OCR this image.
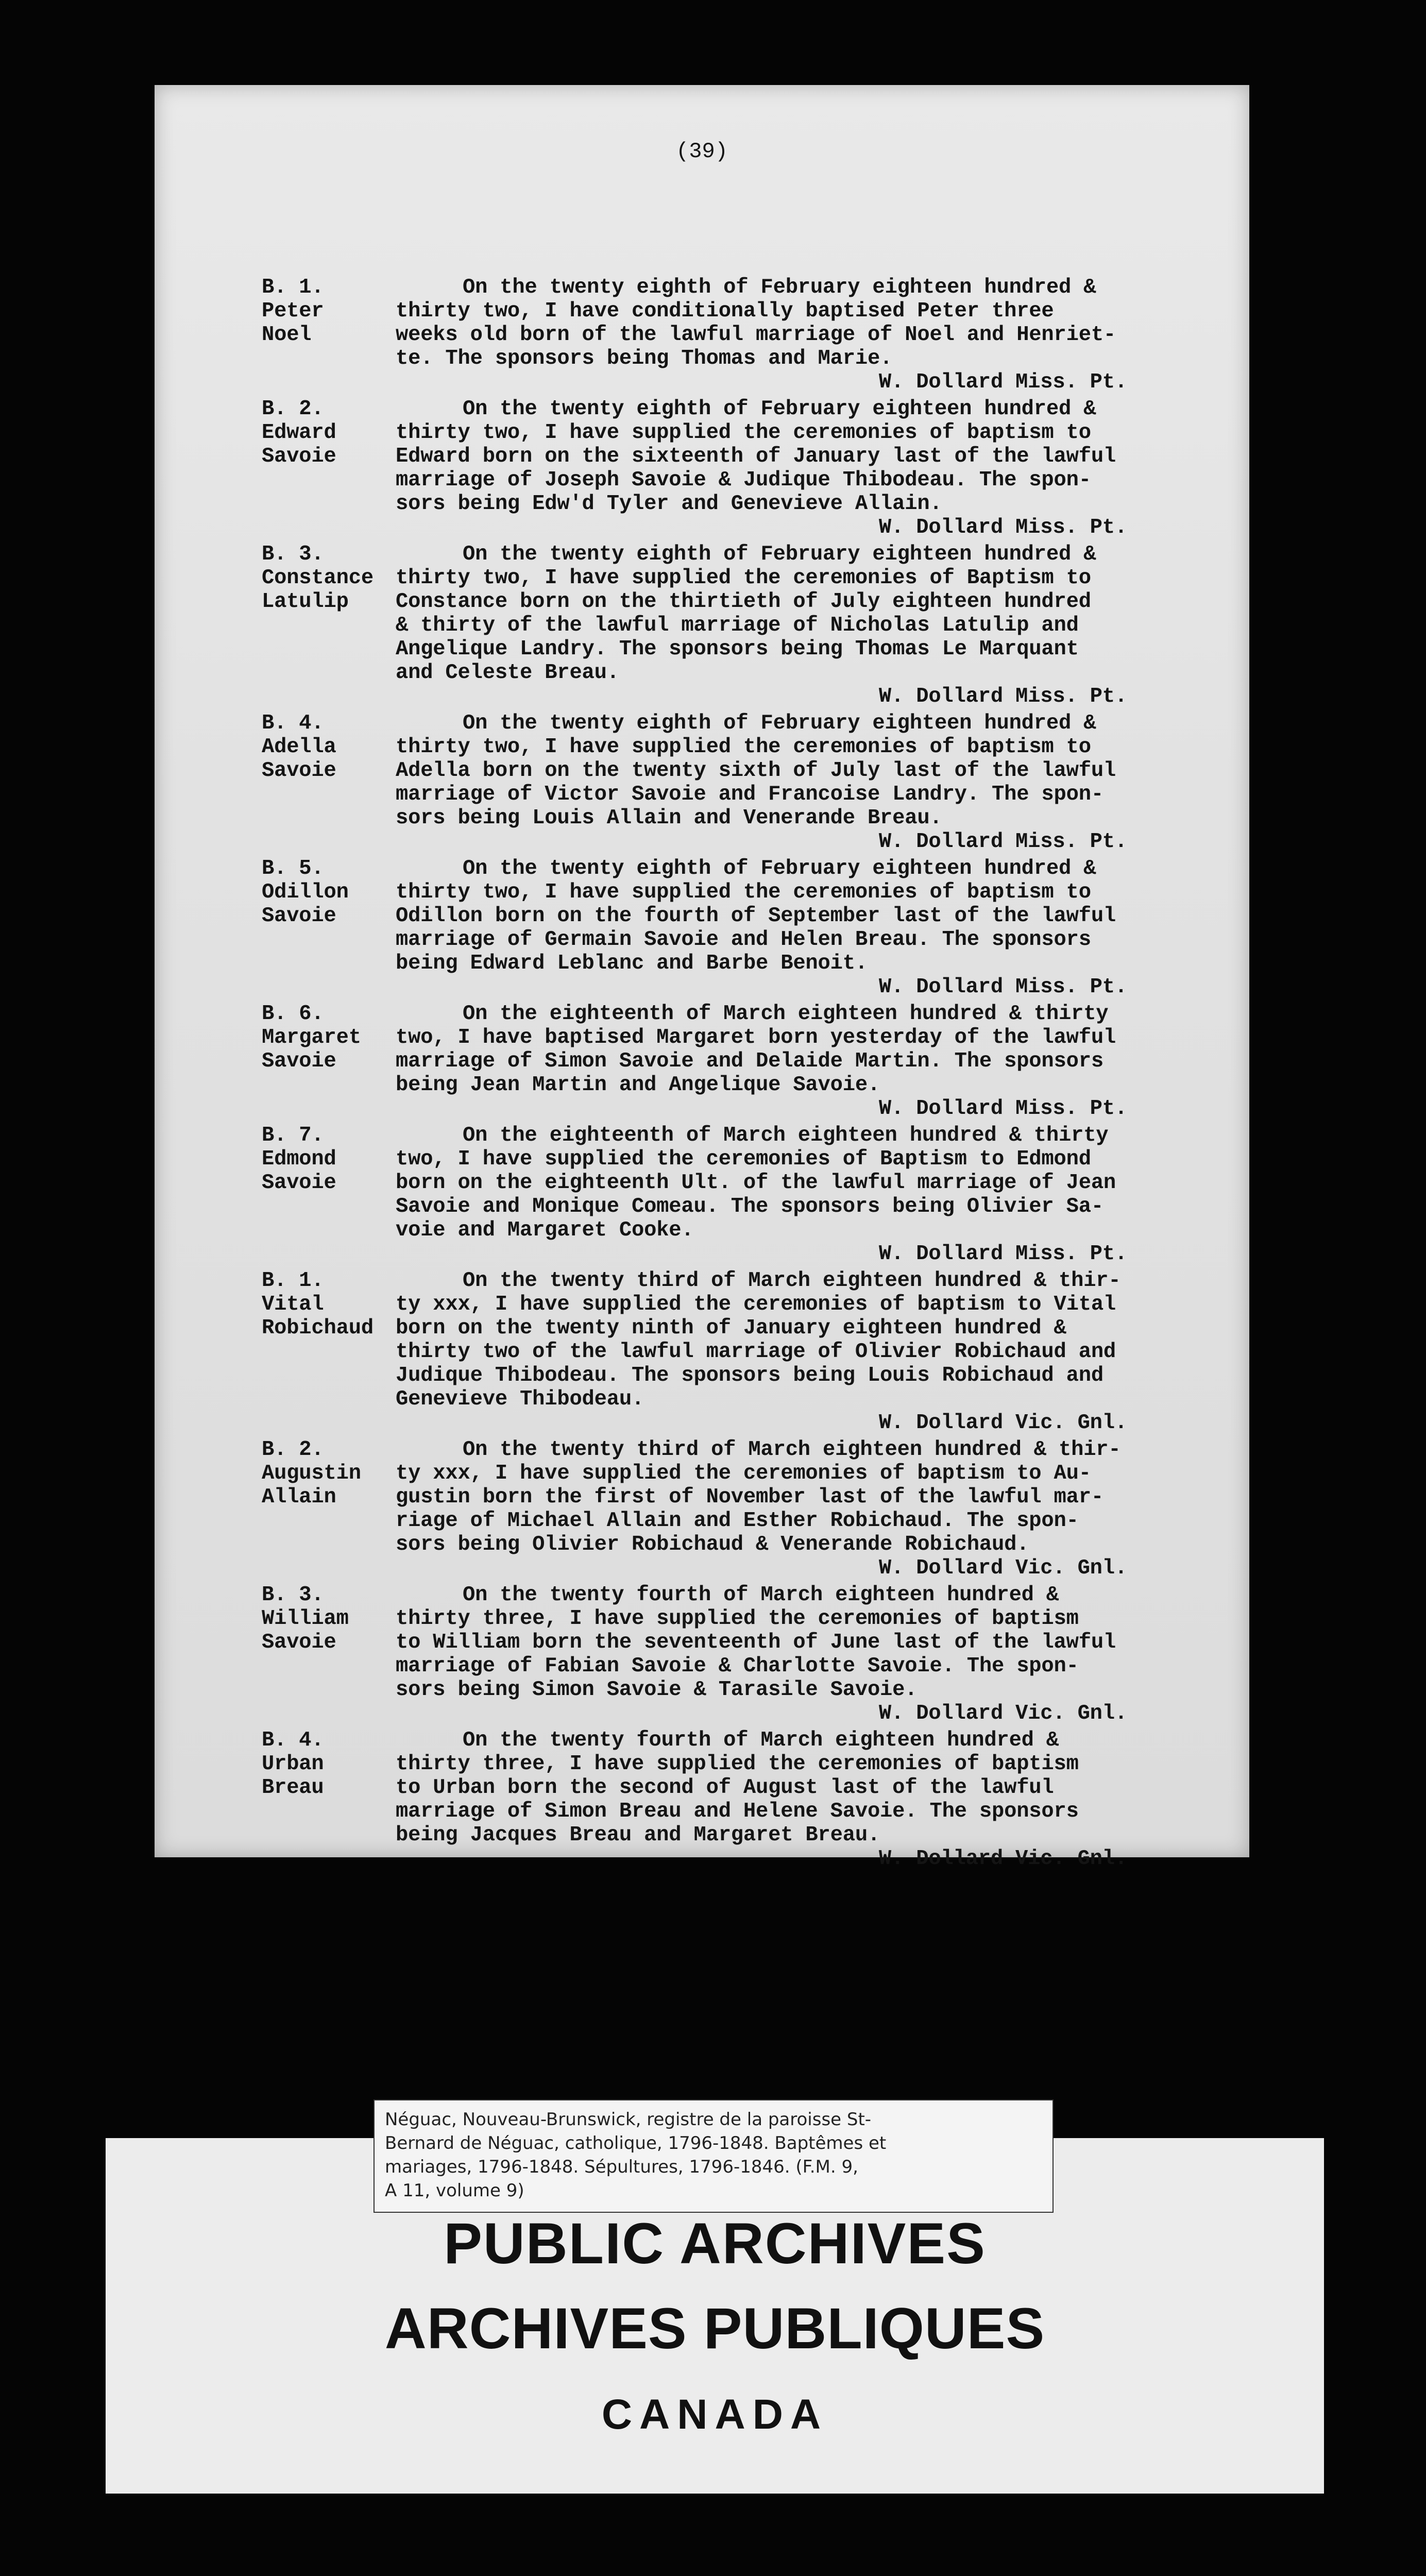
(39)
B. 1.
Peter
Noel
On the twenty eighth of February eighteen hundred &
thirty two, I have conditionally baptised Peter three
weeks old born of the lawful marriage of Noel and Henriet-
te. The sponsors being Thomas and Marie.
W. Dollard Miss. Pt.
B. 2.
Edward
Savoie
On the twenty eighth of February eighteen hundred &
thirty two, I have supplied the ceremonies of baptism to
Edward born on the sixteenth of January last of the lawful
marriage of Joseph Savoie & Judique Thibodeau. The spon-
sors being Edw'd Tyler and Genevieve Allain.
W. Dollard Miss. Pt.
B. 3.
Constance
Latulip
On the twenty eighth of February eighteen hundred &
thirty two, I have supplied the ceremonies of Baptism to
Constance born on the thirtieth of July eighteen hundred
& thirty of the lawful marriage of Nicholas Latulip and
Angelique Landry. The sponsors being Thomas Le Marquant
and Celeste Breau.
W. Dollard Miss. Pt.
B. 4.
Adella
Savoie
On the twenty eighth of February eighteen hundred &
thirty two, I have supplied the ceremonies of baptism to
Adella born on the twenty sixth of July last of the lawful
marriage of Victor Savoie and Francoise Landry. The spon-
sors being Louis Allain and Venerande Breau.
W. Dollard Miss. Pt.
B. 5.
Odillon
Savoie
On the twenty eighth of February eighteen hundred &
thirty two, I have supplied the ceremonies of baptism to
Odillon born on the fourth of September last of the lawful
marriage of Germain Savoie and Helen Breau. The sponsors
being Edward Leblanc and Barbe Benoit.
W. Dollard Miss. Pt.
B. 6.
Margaret
Savoie
On the eighteenth of March eighteen hundred & thirty
two, I have baptised Margaret born yesterday of the lawful
marriage of Simon Savoie and Delaide Martin. The sponsors
being Jean Martin and Angelique Savoie.
W. Dollard Miss. Pt.
B. 7.
Edmond
Savoie
On the eighteenth of March eighteen hundred & thirty
two, I have supplied the ceremonies of Baptism to Edmond
born on the eighteenth Ult. of the lawful marriage of Jean
Savoie and Monique Comeau. The sponsors being Olivier Sa-
voie and Margaret Cooke.
W. Dollard Miss. Pt.
B. 1.
Vital
Robichaud
On the twenty third of March eighteen hundred & thir-
ty xxx, I have supplied the ceremonies of baptism to Vital
born on the twenty ninth of January eighteen hundred &
thirty two of the lawful marriage of Olivier Robichaud and
Judique Thibodeau. The sponsors being Louis Robichaud and
Genevieve Thibodeau.
W. Dollard Vic. Gnl.
B. 2.
Augustin
Allain
On the twenty third of March eighteen hundred & thir-
ty xxx, I have supplied the ceremonies of baptism to Au-
gustin born the first of November last of the lawful mar-
riage of Michael Allain and Esther Robichaud. The spon-
sors being Olivier Robichaud & Venerande Robichaud.
W. Dollard Vic. Gnl.
B. 3.
William
Savoie
On the twenty fourth of March eighteen hundred &
thirty three, I have supplied the ceremonies of baptism
to William born the seventeenth of June last of the lawful
marriage of Fabian Savoie & Charlotte Savoie. The spon-
sors being Simon Savoie & Tarasile Savoie.
W. Dollard Vic. Gnl.
B. 4.
Urban
Breau
On the twenty fourth of March eighteen hundred &
thirty three, I have supplied the ceremonies of baptism
to Urban born the second of August last of the lawful
marriage of Simon Breau and Helene Savoie. The sponsors
being Jacques Breau and Margaret Breau.
W. Dollard Vic. Gnl.
Néguac, Nouveau-Brunswick, registre de la paroisse St-
Bernard de Néguac, catholique, 1796-1848. Baptêmes et
mariages, 1796-1848. Sépultures, 1796-1846. (F.M. 9,
A 11, volume 9)
PUBLIC ARCHIVES
ARCHIVES PUBLIQUES
CANADA
